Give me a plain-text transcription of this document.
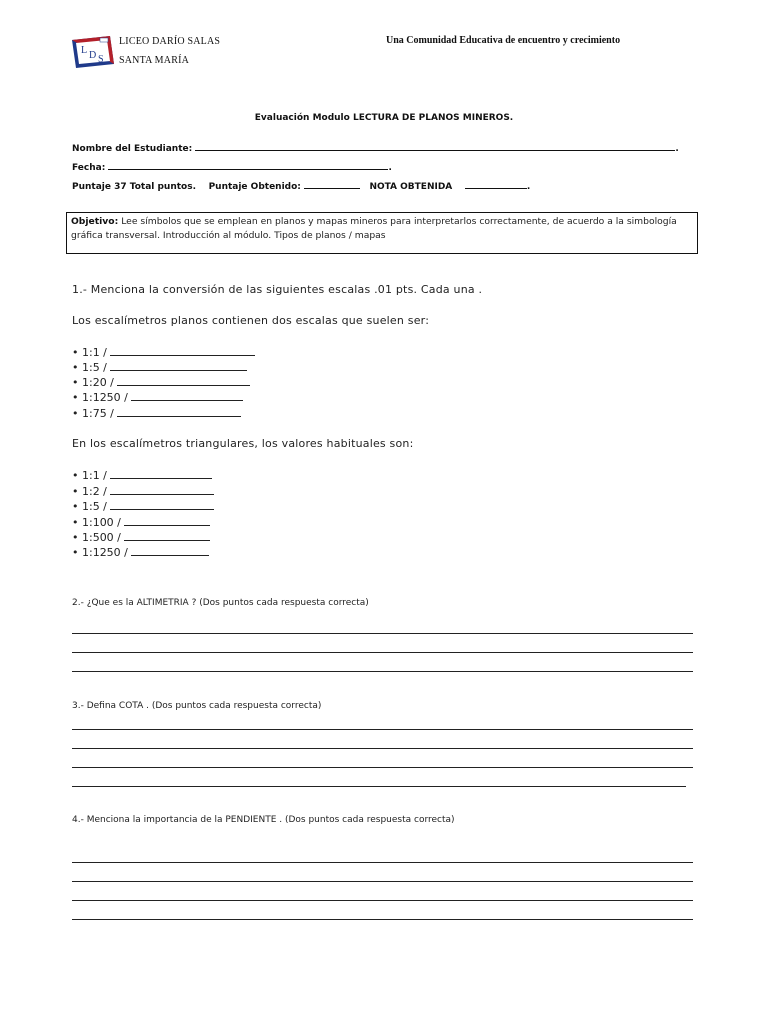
L D S
LICEO DARÍO SALAS
SANTA MARÍA
Una Comunidad Educativa de encuentro y crecimiento
Evaluación Modulo LECTURA DE PLANOS MINEROS.
Nombre del Estudiante:	.
Fecha:	.
Puntaje 37 Total puntos. Puntaje Obtenido:	NOTA OBTENIDA	.
Objetivo: Lee símbolos que se emplean en planos y mapas mineros para interpretarlos correctamente, de acuerdo a la simbología gráfica transversal. Introducción al módulo. Tipos de planos / mapas
1.- Menciona la conversión de las siguientes escalas .01 pts. Cada una .
Los escalímetros planos contienen dos escalas que suelen ser:
• 1:1 /
• 1:5 /
• 1:20 /
• 1:1250 /
• 1:75 /
En los escalímetros triangulares, los valores habituales son:
• 1:1 /
• 1:2 /
• 1:5 /
• 1:100 /
• 1:500 /
• 1:1250 /
2.- ¿Que es la ALTIMETRIA ? (Dos puntos cada respuesta correcta)
3.- Defina COTA . (Dos puntos cada respuesta correcta)
4.- Menciona la importancia de la PENDIENTE . (Dos puntos cada respuesta correcta)
